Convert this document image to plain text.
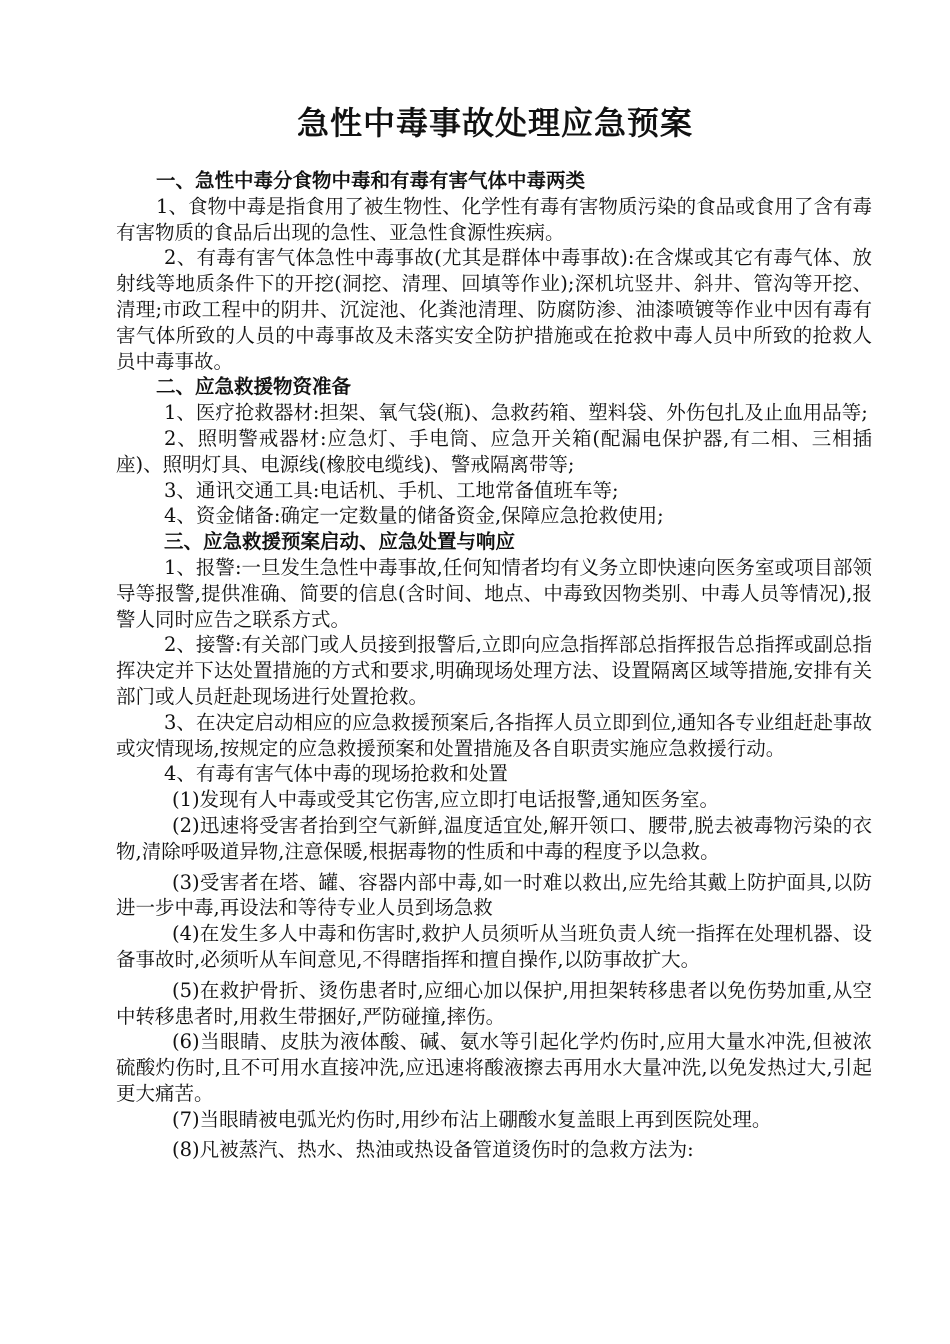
急性中毒事故处理应急预案

一、急性中毒分食物中毒和有毒有害气体中毒两类

1、食物中毒是指食用了被生物性、化学性有毒有害物质污染的食品或食用了含有毒有害物质的食品后出现的急性、亚急性食源性疾病。

2、有毒有害气体急性中毒事故(尤其是群体中毒事故):在含煤或其它有毒气体、放射线等地质条件下的开挖(洞挖、清理、回填等作业);深机坑竖井、斜井、管沟等开挖、清理;市政工程中的阴井、沉淀池、化粪池清理、防腐防渗、油漆喷镀等作业中因有毒有害气体所致的人员的中毒事故及未落实安全防护措施或在抢救中毒人员中所致的抢救人员中毒事故。

二、应急救援物资准备

1、医疗抢救器材:担架、氧气袋(瓶)、急救药箱、塑料袋、外伤包扎及止血用品等;

2、照明警戒器材:应急灯、手电筒、应急开关箱(配漏电保护器,有二相、三相插座)、照明灯具、电源线(橡胶电缆线)、警戒隔离带等;

3、通讯交通工具:电话机、手机、工地常备值班车等;

4、资金储备:确定一定数量的储备资金,保障应急抢救使用;

三、应急救援预案启动、应急处置与响应

1、报警:一旦发生急性中毒事故,任何知情者均有义务立即快速向医务室或项目部领导等报警,提供准确、简要的信息(含时间、地点、中毒致因物类别、中毒人员等情况),报警人同时应告之联系方式。

2、接警:有关部门或人员接到报警后,立即向应急指挥部总指挥报告总指挥或副总指挥决定并下达处置措施的方式和要求,明确现场处理方法、设置隔离区域等措施,安排有关部门或人员赶赴现场进行处置抢救。

3、在决定启动相应的应急救援预案后,各指挥人员立即到位,通知各专业组赶赴事故或灾情现场,按规定的应急救援预案和处置措施及各自职责实施应急救援行动。

4、有毒有害气体中毒的现场抢救和处置

(1)发现有人中毒或受其它伤害,应立即打电话报警,通知医务室。

(2)迅速将受害者抬到空气新鲜,温度适宜处,解开领口、腰带,脱去被毒物污染的衣物,清除呼吸道异物,注意保暖,根据毒物的性质和中毒的程度予以急救。

(3)受害者在塔、罐、容器内部中毒,如一时难以救出,应先给其戴上防护面具,以防进一步中毒,再设法和等待专业人员到场急救

(4)在发生多人中毒和伤害时,救护人员须听从当班负责人统一指挥在处理机器、设备事故时,必须听从车间意见,不得瞎指挥和擅自操作,以防事故扩大。

(5)在救护骨折、烫伤患者时,应细心加以保护,用担架转移患者以免伤势加重,从空中转移患者时,用救生带捆好,严防碰撞,摔伤。

(6)当眼睛、皮肤为液体酸、碱、氨水等引起化学灼伤时,应用大量水冲洗,但被浓硫酸灼伤时,且不可用水直接冲洗,应迅速将酸液擦去再用水大量冲洗,以免发热过大,引起更大痛苦。

(7)当眼睛被电弧光灼伤时,用纱布沾上硼酸水复盖眼上再到医院处理。

(8)凡被蒸汽、热水、热油或热设备管道烫伤时的急救方法为:
